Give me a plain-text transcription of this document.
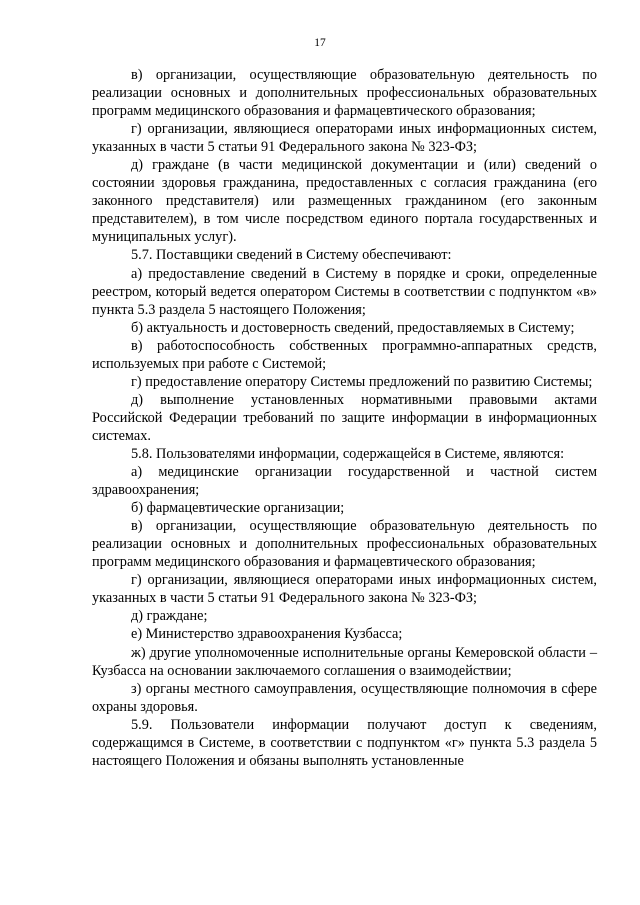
17

в) организации, осуществляющие образовательную деятельность по реализации основных и дополнительных профессиональных образовательных программ медицинского образования и фармацевтического образования;

г) организации, являющиеся операторами иных информационных систем, указанных в части 5 статьи 91 Федерального закона № 323-ФЗ;

д) граждане (в части медицинской документации и (или) сведений о состоянии здоровья гражданина, предоставленных с согласия гражданина (его законного представителя) или размещенных гражданином (его законным представителем), в том числе посредством единого портала государственных и муниципальных услуг).

5.7. Поставщики сведений в Систему обеспечивают:

а) предоставление сведений в Систему в порядке и сроки, определенные реестром, который ведется оператором Системы в соответствии с подпунктом «в» пункта 5.3 раздела 5 настоящего Положения;

б) актуальность и достоверность сведений, предоставляемых в Систему;

в) работоспособность собственных программно-аппаратных средств, используемых при работе с Системой;

г) предоставление оператору Системы предложений по развитию Системы;

д) выполнение установленных нормативными правовыми актами Российской Федерации требований по защите информации в информационных системах.

5.8. Пользователями информации, содержащейся в Системе, являются:

а) медицинские организации государственной и частной систем здравоохранения;

б) фармацевтические организации;

в) организации, осуществляющие образовательную деятельность по реализации основных и дополнительных профессиональных образовательных программ медицинского образования и фармацевтического образования;

г) организации, являющиеся операторами иных информационных систем, указанных в части 5 статьи 91 Федерального закона № 323-ФЗ;

д) граждане;

е) Министерство здравоохранения Кузбасса;

ж) другие уполномоченные исполнительные органы Кемеровской области – Кузбасса на основании заключаемого соглашения о взаимодействии;

з) органы местного самоуправления, осуществляющие полномочия в сфере охраны здоровья.

5.9. Пользователи информации получают доступ к сведениям, содержащимся в Системе, в соответствии с подпунктом «г» пункта 5.3 раздела 5 настоящего Положения и обязаны выполнять установленные
